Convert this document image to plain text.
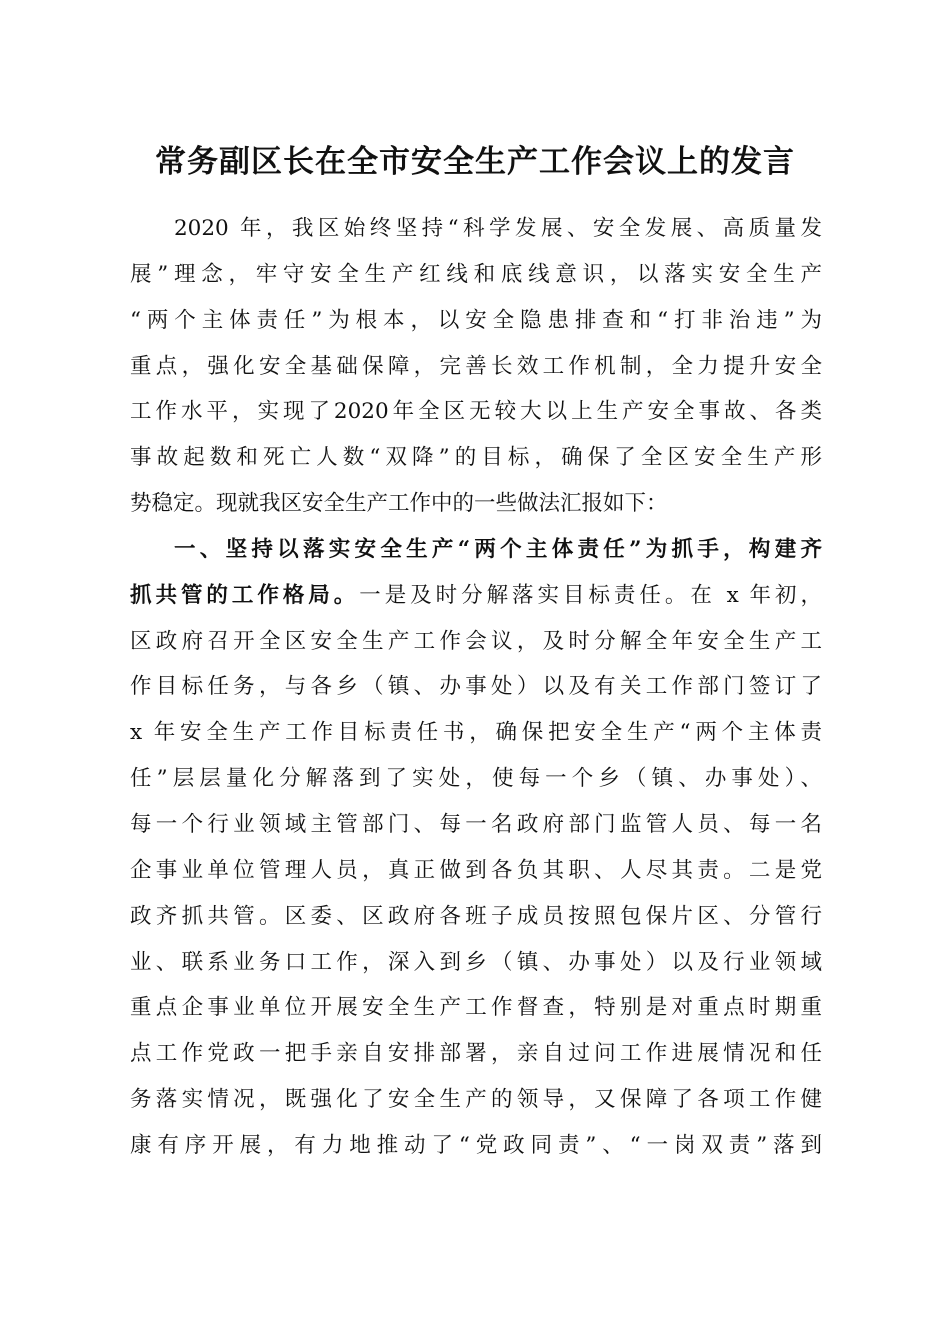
常务副区长在全市安全生产工作会议上的发言
2020 年，我区始终坚持“科学发展、安全发展、高质量发
展”理念，牢守安全生产红线和底线意识，以落实安全生产
“两个主体责任”为根本，以安全隐患排查和“打非治违”为
重点，强化安全基础保障，完善长效工作机制，全力提升安全
工作水平，实现了2020年全区无较大以上生产安全事故、各类
事故起数和死亡人数“双降”的目标，确保了全区安全生产形
势稳定。现就我区安全生产工作中的一些做法汇报如下：
一、坚持以落实安全生产“两个主体责任”为抓手，构建齐
抓共管的工作格局。一是及时分解落实目标责任。在 x 年初，
区政府召开全区安全生产工作会议，及时分解全年安全生产工
作目标任务，与各乡（镇、办事处）以及有关工作部门签订了
x 年安全生产工作目标责任书，确保把安全生产“两个主体责
任”层层量化分解落到了实处，使每一个乡（镇、办事处）、
每一个行业领域主管部门、每一名政府部门监管人员、每一名
企事业单位管理人员，真正做到各负其职、人尽其责。二是党
政齐抓共管。区委、区政府各班子成员按照包保片区、分管行
业、联系业务口工作，深入到乡（镇、办事处）以及行业领域
重点企事业单位开展安全生产工作督查，特别是对重点时期重
点工作党政一把手亲自安排部署，亲自过问工作进展情况和任
务落实情况，既强化了安全生产的领导，又保障了各项工作健
康有序开展，有力地推动了“党政同责”、“一岗双责”落到
